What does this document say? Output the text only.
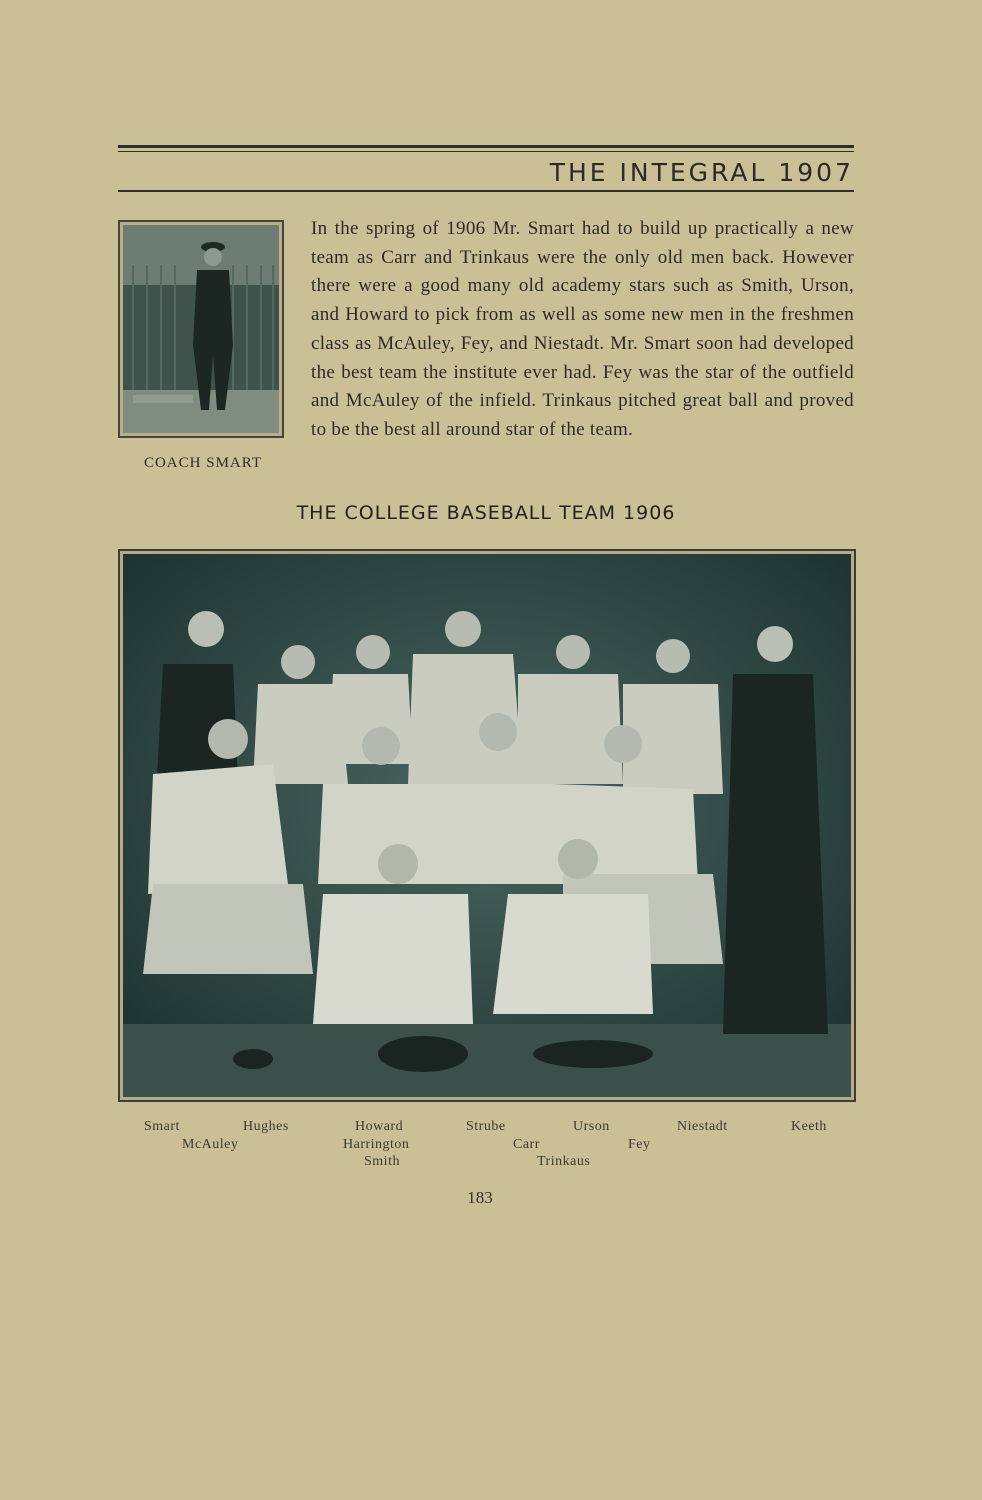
THE INTEGRAL 1907
COACH SMART
In the spring of 1906 Mr. Smart had to build up practically a new team as Carr and Trinkaus were the only old men back. However there were a good many old academy stars such as Smith, Urson, and Howard to pick from as well as some new men in the freshmen class as McAuley, Fey, and Niestadt. Mr. Smart soon had developed the best team the institute ever had. Fey was the star of the outfield and McAuley of the infield. Trinkaus pitched great ball and proved to be the best all around star of the team.
THE COLLEGE BASEBALL TEAM 1906
Smart	Hughes	Howard	Strube	Urson	Niestadt	Keeth
McAuley	Harrington	Carr	Fey
Smith	Trinkaus
183
